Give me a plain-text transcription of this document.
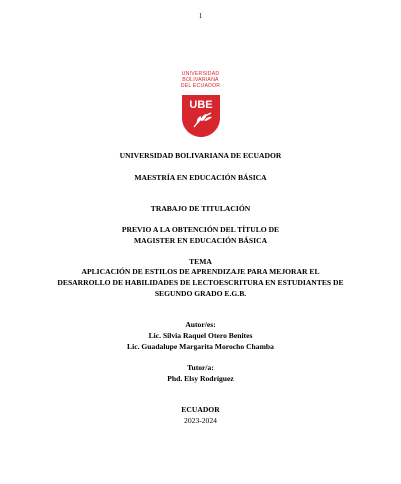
1
UNIVERSIDAD
BOLIVARIANA
DEL ECUADOR
UBE
UNIVERSIDAD BOLIVARIANA DE ECUADOR
MAESTRÍA EN EDUCACIÓN BÁSICA
TRABAJO DE TITULACIÓN
PREVIO A LA OBTENCIÓN DEL TÍTULO DE
MAGISTER EN EDUCACIÓN BÁSICA
TEMA
APLICACIÓN DE ESTILOS DE APRENDIZAJE PARA MEJORAR EL
DESARROLLO DE HABILIDADES DE LECTOESCRITURA EN ESTUDIANTES DE
SEGUNDO GRADO E.G.B.
Autor/es:
Lic. Silvia Raquel Otero Benites
Lic. Guadalupe Margarita Morocho Chamba
Tutor/a:
Phd. Elsy Rodríguez
ECUADOR
2023-2024
